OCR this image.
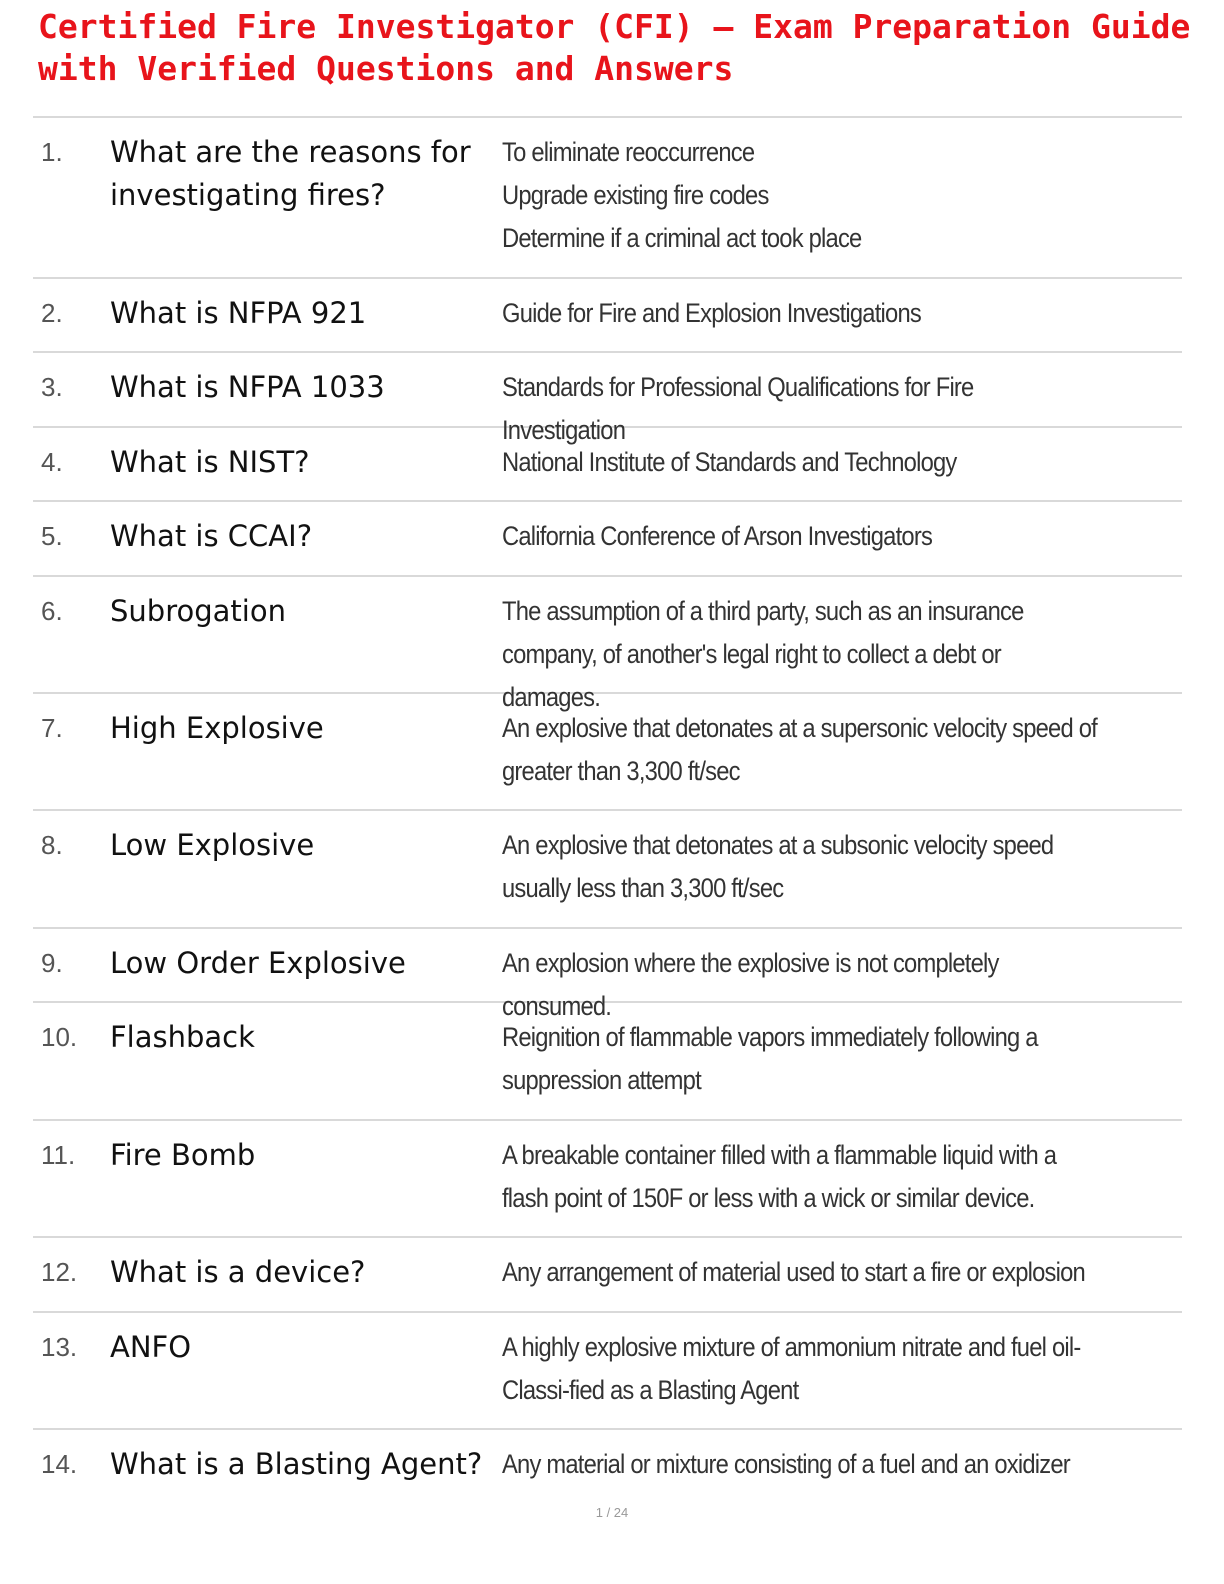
Certified Fire Investigator (CFI) – Exam Preparation Guide with Verified Questions and Answers
1.	What are the reasons for investigating fires?
To eliminate reoccurrence
Upgrade existing fire codes
Determine if a criminal act took place
2.	What is NFPA 921	Guide for Fire and Explosion Investigations
3.	What is NFPA 1033	Standards for Professional Qualifications for Fire Investigation
4.	What is NIST?	National Institute of Standards and Technology
5.	What is CCAI?	California Conference of Arson Investigators
6.	Subrogation	The assumption of a third party, such as an insurance company, of another's legal right to collect a debt or damages.
7.	High Explosive	An explosive that detonates at a supersonic velocity speed of greater than 3,300 ft/sec
8.	Low Explosive	An explosive that detonates at a subsonic velocity speed usually less than 3,300 ft/sec
9.	Low Order Explosive	An explosion where the explosive is not completely consumed.
10.	Flashback	Reignition of flammable vapors immediately following a suppression attempt
11.	Fire Bomb	A breakable container filled with a flammable liquid with a flash point of 150F or less with a wick or similar device.
12.	What is a device?	Any arrangement of material used to start a fire or explosion
13.	ANFO	A highly explosive mixture of ammonium nitrate and fuel oil- Classi-fied as a Blasting Agent
14.	What is a Blasting Agent? Any material or mixture consisting of a fuel and an oxidizer
1 / 24
